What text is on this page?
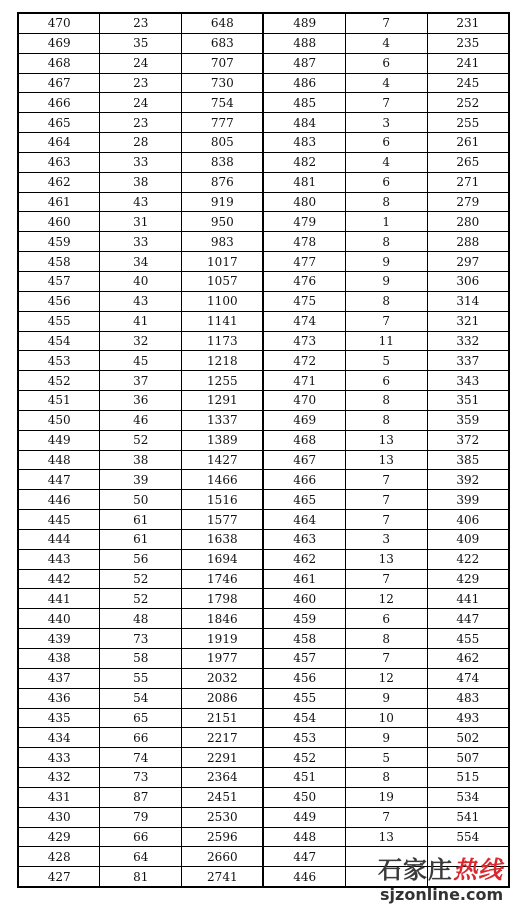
470	23	648	489	7	231
469	35	683	488	4	235
468	24	707	487	6	241
467	23	730	486	4	245
466	24	754	485	7	252
465	23	777	484	3	255
464	28	805	483	6	261
463	33	838	482	4	265
462	38	876	481	6	271
461	43	919	480	8	279
460	31	950	479	1	280
459	33	983	478	8	288
458	34	1017	477	9	297
457	40	1057	476	9	306
456	43	1100	475	8	314
455	41	1141	474	7	321
454	32	1173	473	11	332
453	45	1218	472	5	337
452	37	1255	471	6	343
451	36	1291	470	8	351
450	46	1337	469	8	359
449	52	1389	468	13	372
448	38	1427	467	13	385
447	39	1466	466	7	392
446	50	1516	465	7	399
445	61	1577	464	7	406
444	61	1638	463	3	409
443	56	1694	462	13	422
442	52	1746	461	7	429
441	52	1798	460	12	441
440	48	1846	459	6	447
439	73	1919	458	8	455
438	58	1977	457	7	462
437	55	2032	456	12	474
436	54	2086	455	9	483
435	65	2151	454	10	493
434	66	2217	453	9	502
433	74	2291	452	5	507
432	73	2364	451	8	515
431	87	2451	450	19	534
430	79	2530	449	7	541
429	66	2596	448	13	554
428	64	2660	447		
427	81	2741	446			石家庄热线
sjzonline.com
